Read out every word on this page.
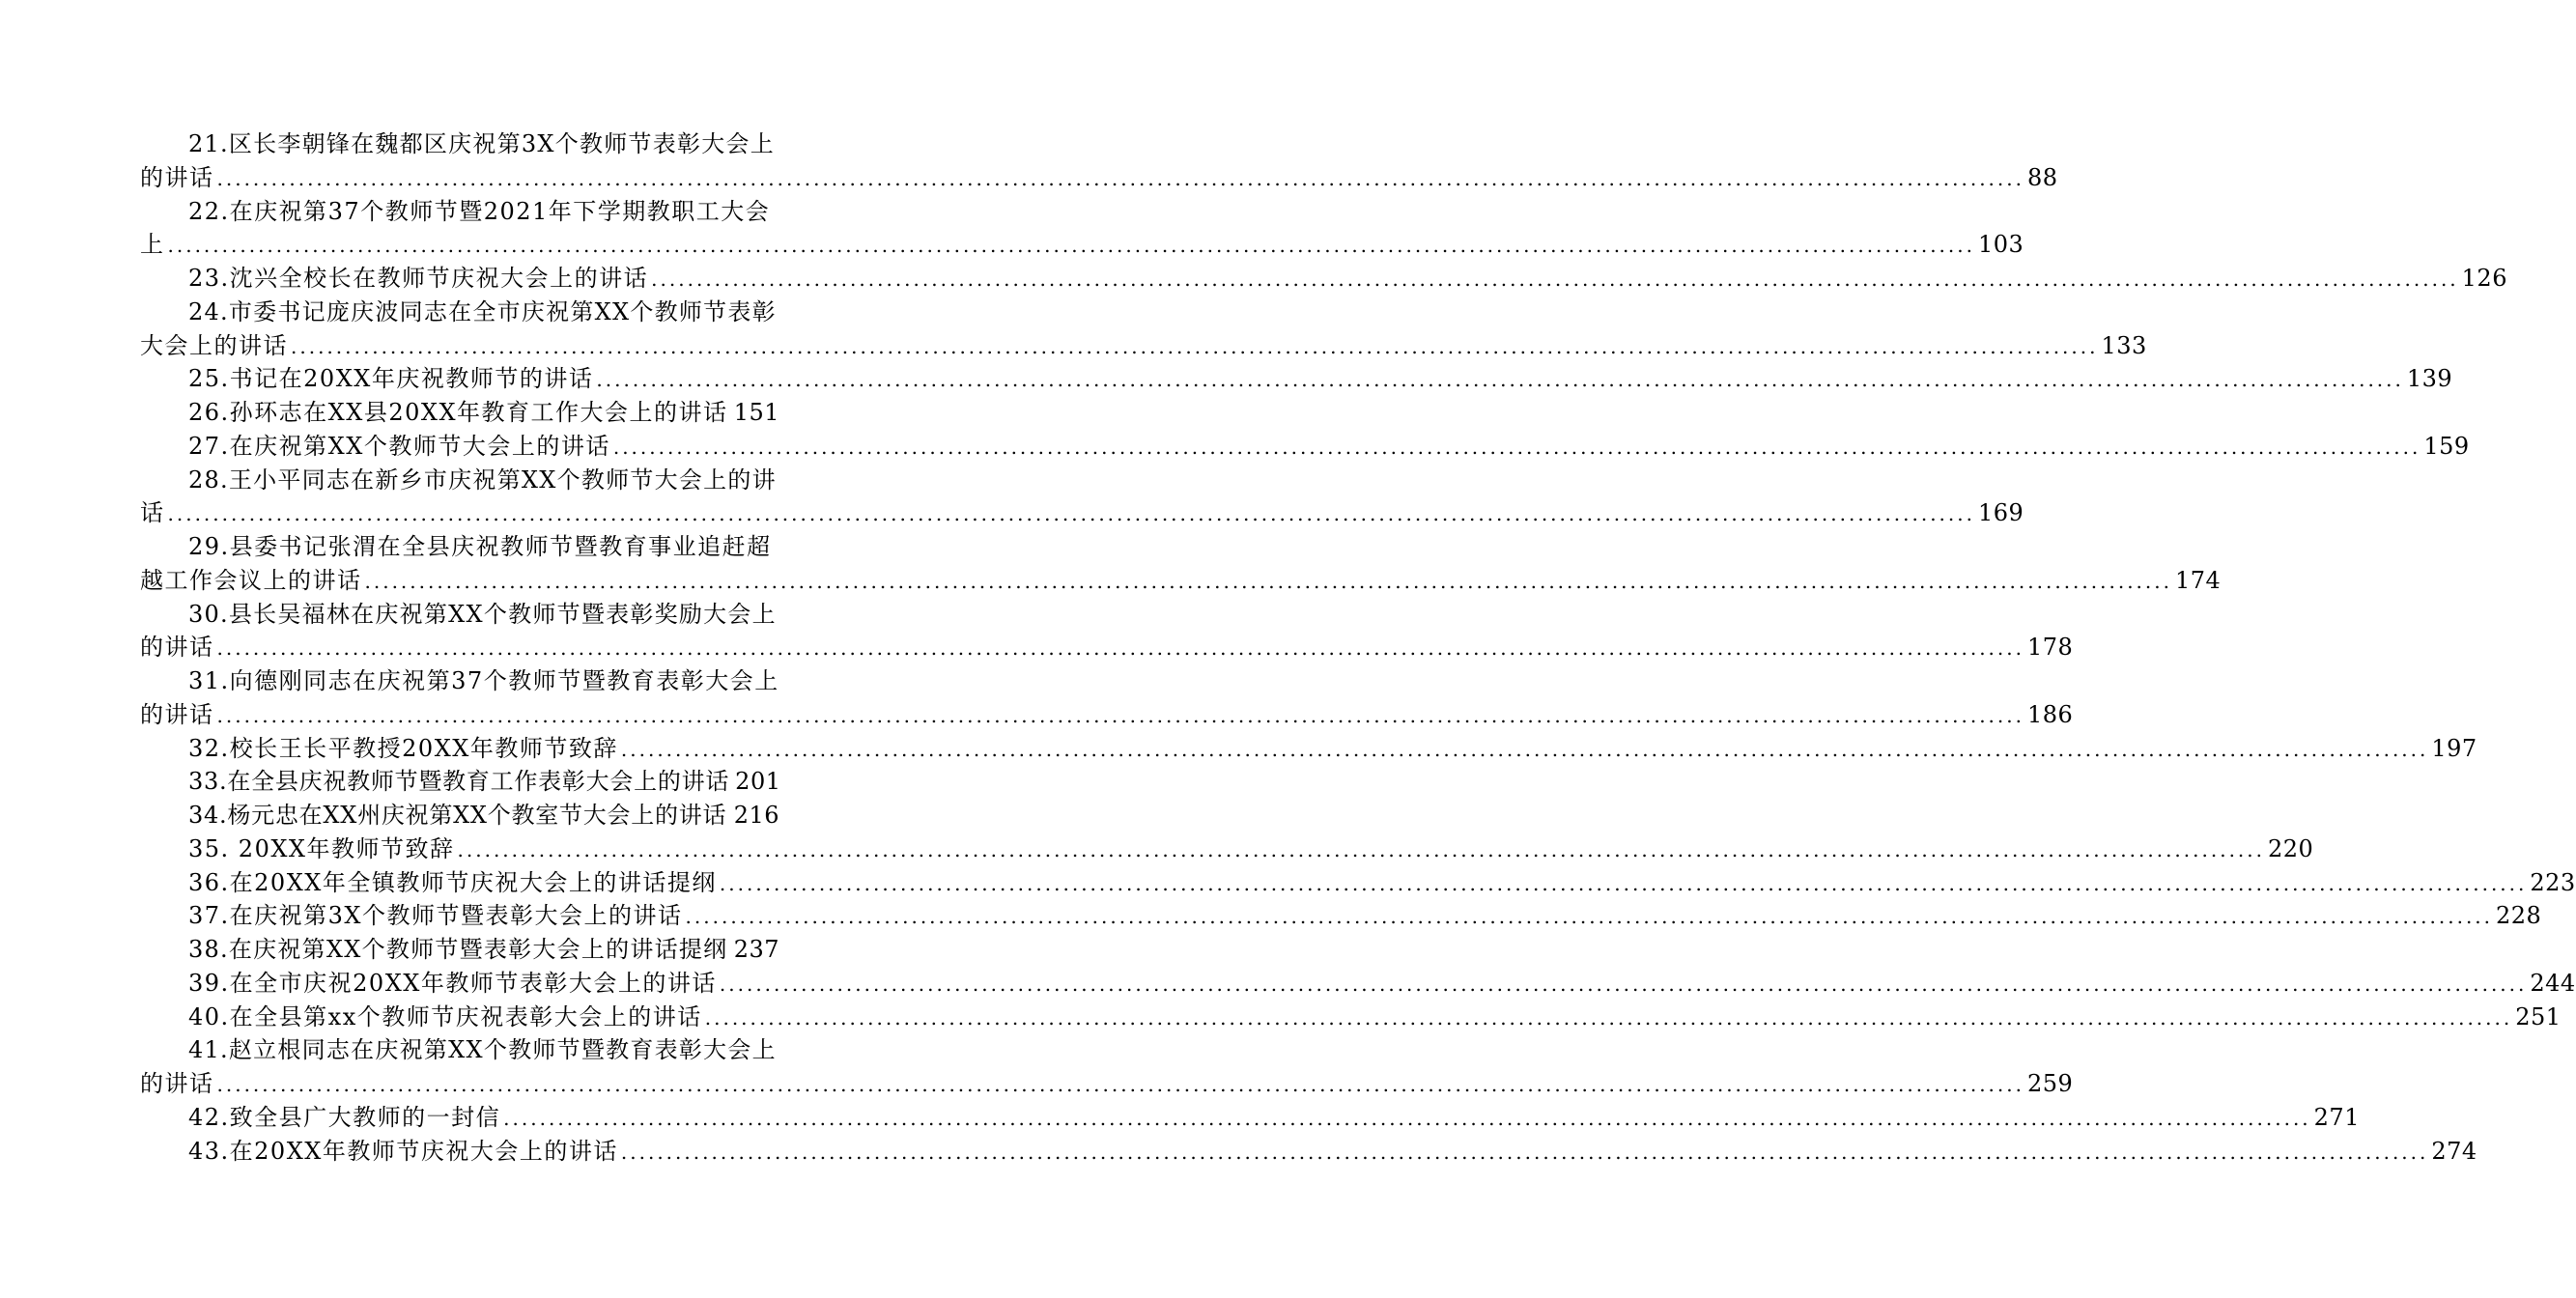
21.区长李朝锋在魏都区庆祝第3X个教师节表彰大会上
的讲话 ........................................................................................................................................................................................................ 88
22.在庆祝第37个教师节暨2021年下学期教职工大会
上 ........................................................................................................................................................................................................ 103
23.沈兴全校长在教师节庆祝大会上的讲话 ........................................................................................................................................................................................................ 126
24.市委书记庞庆波同志在全市庆祝第XX个教师节表彰
大会上的讲话 ........................................................................................................................................................................................................ 133
25.书记在20XX年庆祝教师节的讲话 ........................................................................................................................................................................................................ 139
26.孙环志在XX县20XX年教育工作大会上的讲话 151
27.在庆祝第XX个教师节大会上的讲话 ........................................................................................................................................................................................................ 159
28.王小平同志在新乡市庆祝第XX个教师节大会上的讲
话 ........................................................................................................................................................................................................ 169
29.县委书记张渭在全县庆祝教师节暨教育事业追赶超
越工作会议上的讲话 ........................................................................................................................................................................................................ 174
30.县长吴福林在庆祝第XX个教师节暨表彰奖励大会上
的讲话 ........................................................................................................................................................................................................ 178
31.向德刚同志在庆祝第37个教师节暨教育表彰大会上
的讲话 ........................................................................................................................................................................................................ 186
32.校长王长平教授20XX年教师节致辞 ........................................................................................................................................................................................................ 197
33.在全县庆祝教师节暨教育工作表彰大会上的讲话 201
34.杨元忠在XX州庆祝第XX个教室节大会上的讲话 216
35. 20XX年教师节致辞 ........................................................................................................................................................................................................ 220
36.在20XX年全镇教师节庆祝大会上的讲话提纲 ........................................................................................................................................................................................................ 223
37.在庆祝第3X个教师节暨表彰大会上的讲话 ........................................................................................................................................................................................................ 228
38.在庆祝第XX个教师节暨表彰大会上的讲话提纲 237
39.在全市庆祝20XX年教师节表彰大会上的讲话 ........................................................................................................................................................................................................ 244
40.在全县第xx个教师节庆祝表彰大会上的讲话 ........................................................................................................................................................................................................ 251
41.赵立根同志在庆祝第XX个教师节暨教育表彰大会上
的讲话 ........................................................................................................................................................................................................ 259
42.致全县广大教师的一封信 ........................................................................................................................................................................................................ 271
43.在20XX年教师节庆祝大会上的讲话 ........................................................................................................................................................................................................ 274
